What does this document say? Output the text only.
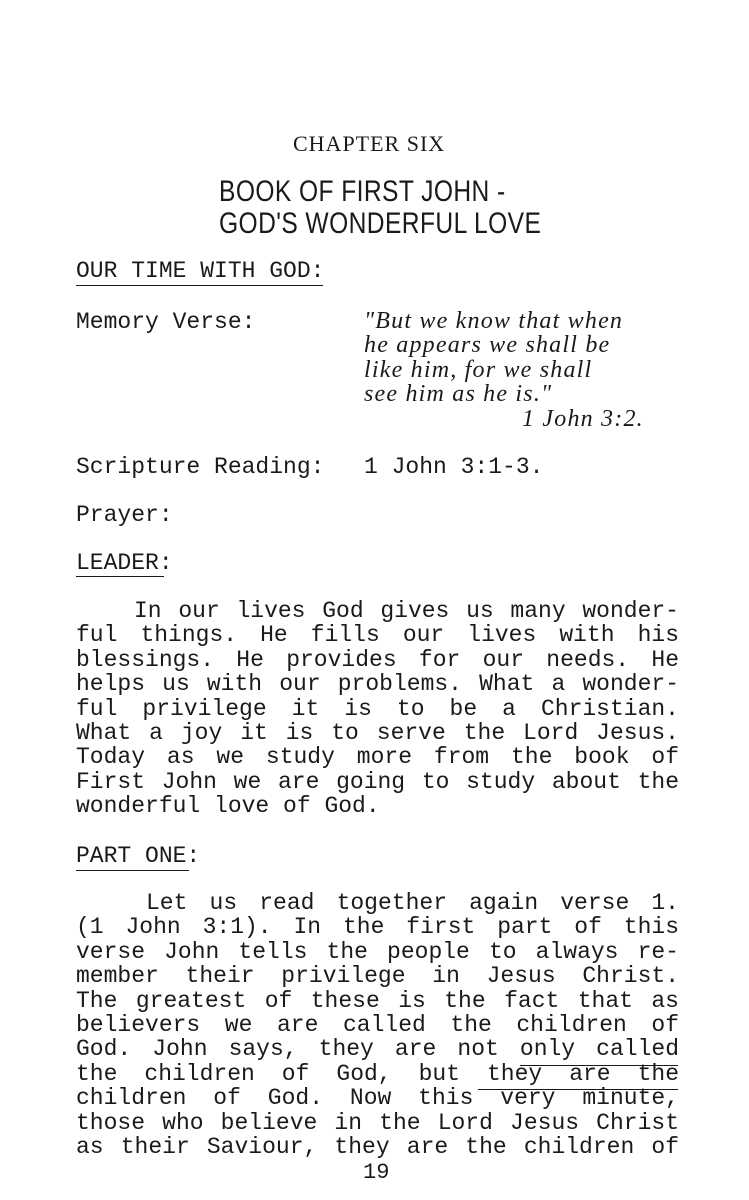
CHAPTER SIX
BOOK OF FIRST JOHN -
GOD'S WONDERFUL LOVE
OUR TIME WITH GOD:
Memory Verse:	"But we know that when
he appears we shall be
like him, for we shall
see him as he is."
1 John 3:2.
Scripture Reading: 1 John 3:1-3.
Prayer:
LEADER:
In our lives God gives us many wonder-
ful things. He fills our lives with his
blessings. He provides for our needs. He
helps us with our problems. What a wonder-
ful privilege it is to be a Christian.
What a joy it is to serve the Lord Jesus.
Today as we study more from the book of
First John we are going to study about the
wonderful love of God.
PART ONE:
Let us read together again verse 1.
(1 John 3:1). In the first part of this
verse John tells the people to always re-
member their privilege in Jesus Christ.
The greatest of these is the fact that as
believers we are called the children of
God. John says, they are not only called
the children of God, but they are the
children of God. Now this very minute,
those who believe in the Lord Jesus Christ
as their Saviour, they are the children of
19
